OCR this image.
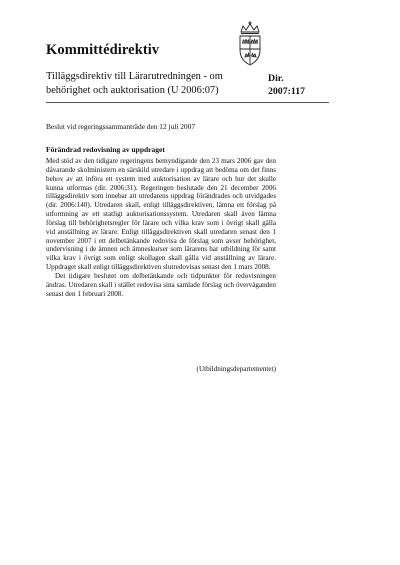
Kommittédirektiv
Tilläggsdirektiv till Lärarutredningen - om behörighet och auktorisation (U 2006:07)
Dir.
2007:117
Beslut vid regeringssammanträde den 12 juli 2007
Förändrad redovisning av uppdraget

Med stöd av den tidigare regeringens bemyndigande den 23 mars 2006 gav den dåvarande skolministern en särskild utredare i uppdrag att bedöma om det finns behov av att införa ett system med auktorisation av lärare och hur det skulle kunna utformas (dir. 2006:31). Regeringen beslutade den 21 december 2006 tilläggsdirektiv som innebar att utredarens uppdrag förändrades och utvidgades (dir. 2006:140). Utredaren skall, enligt tilläggsdirektiven, lämna ett förslag på utformning av ett statligt auktorisationssystem. Utredaren skall även lämna förslag till behörighetsregler för lärare och vilka krav som i övrigt skall gälla vid anställning av lärare. Enligt tilläggsdirektiven skall utredaren senast den 1 november 2007 i ett delbetänkande redovisa de förslag som avser behörighet, undervisning i de ämnen och ämneskurser som lärarens har utbildning för samt vilka krav i övrigt som enligt skollagen skall gälla vid anställning av lärare. Uppdraget skall enligt tilläggsdirektiven slutredovisas senast den 1 mars 2008.

Det tidigare beslutet om delbetänkande och tidpunkter för redovisningen ändras. Utredaren skall i stället redovisa sina samlade förslag och överväganden senast den 1 februari 2008.

(Utbildningsdepartementet)
